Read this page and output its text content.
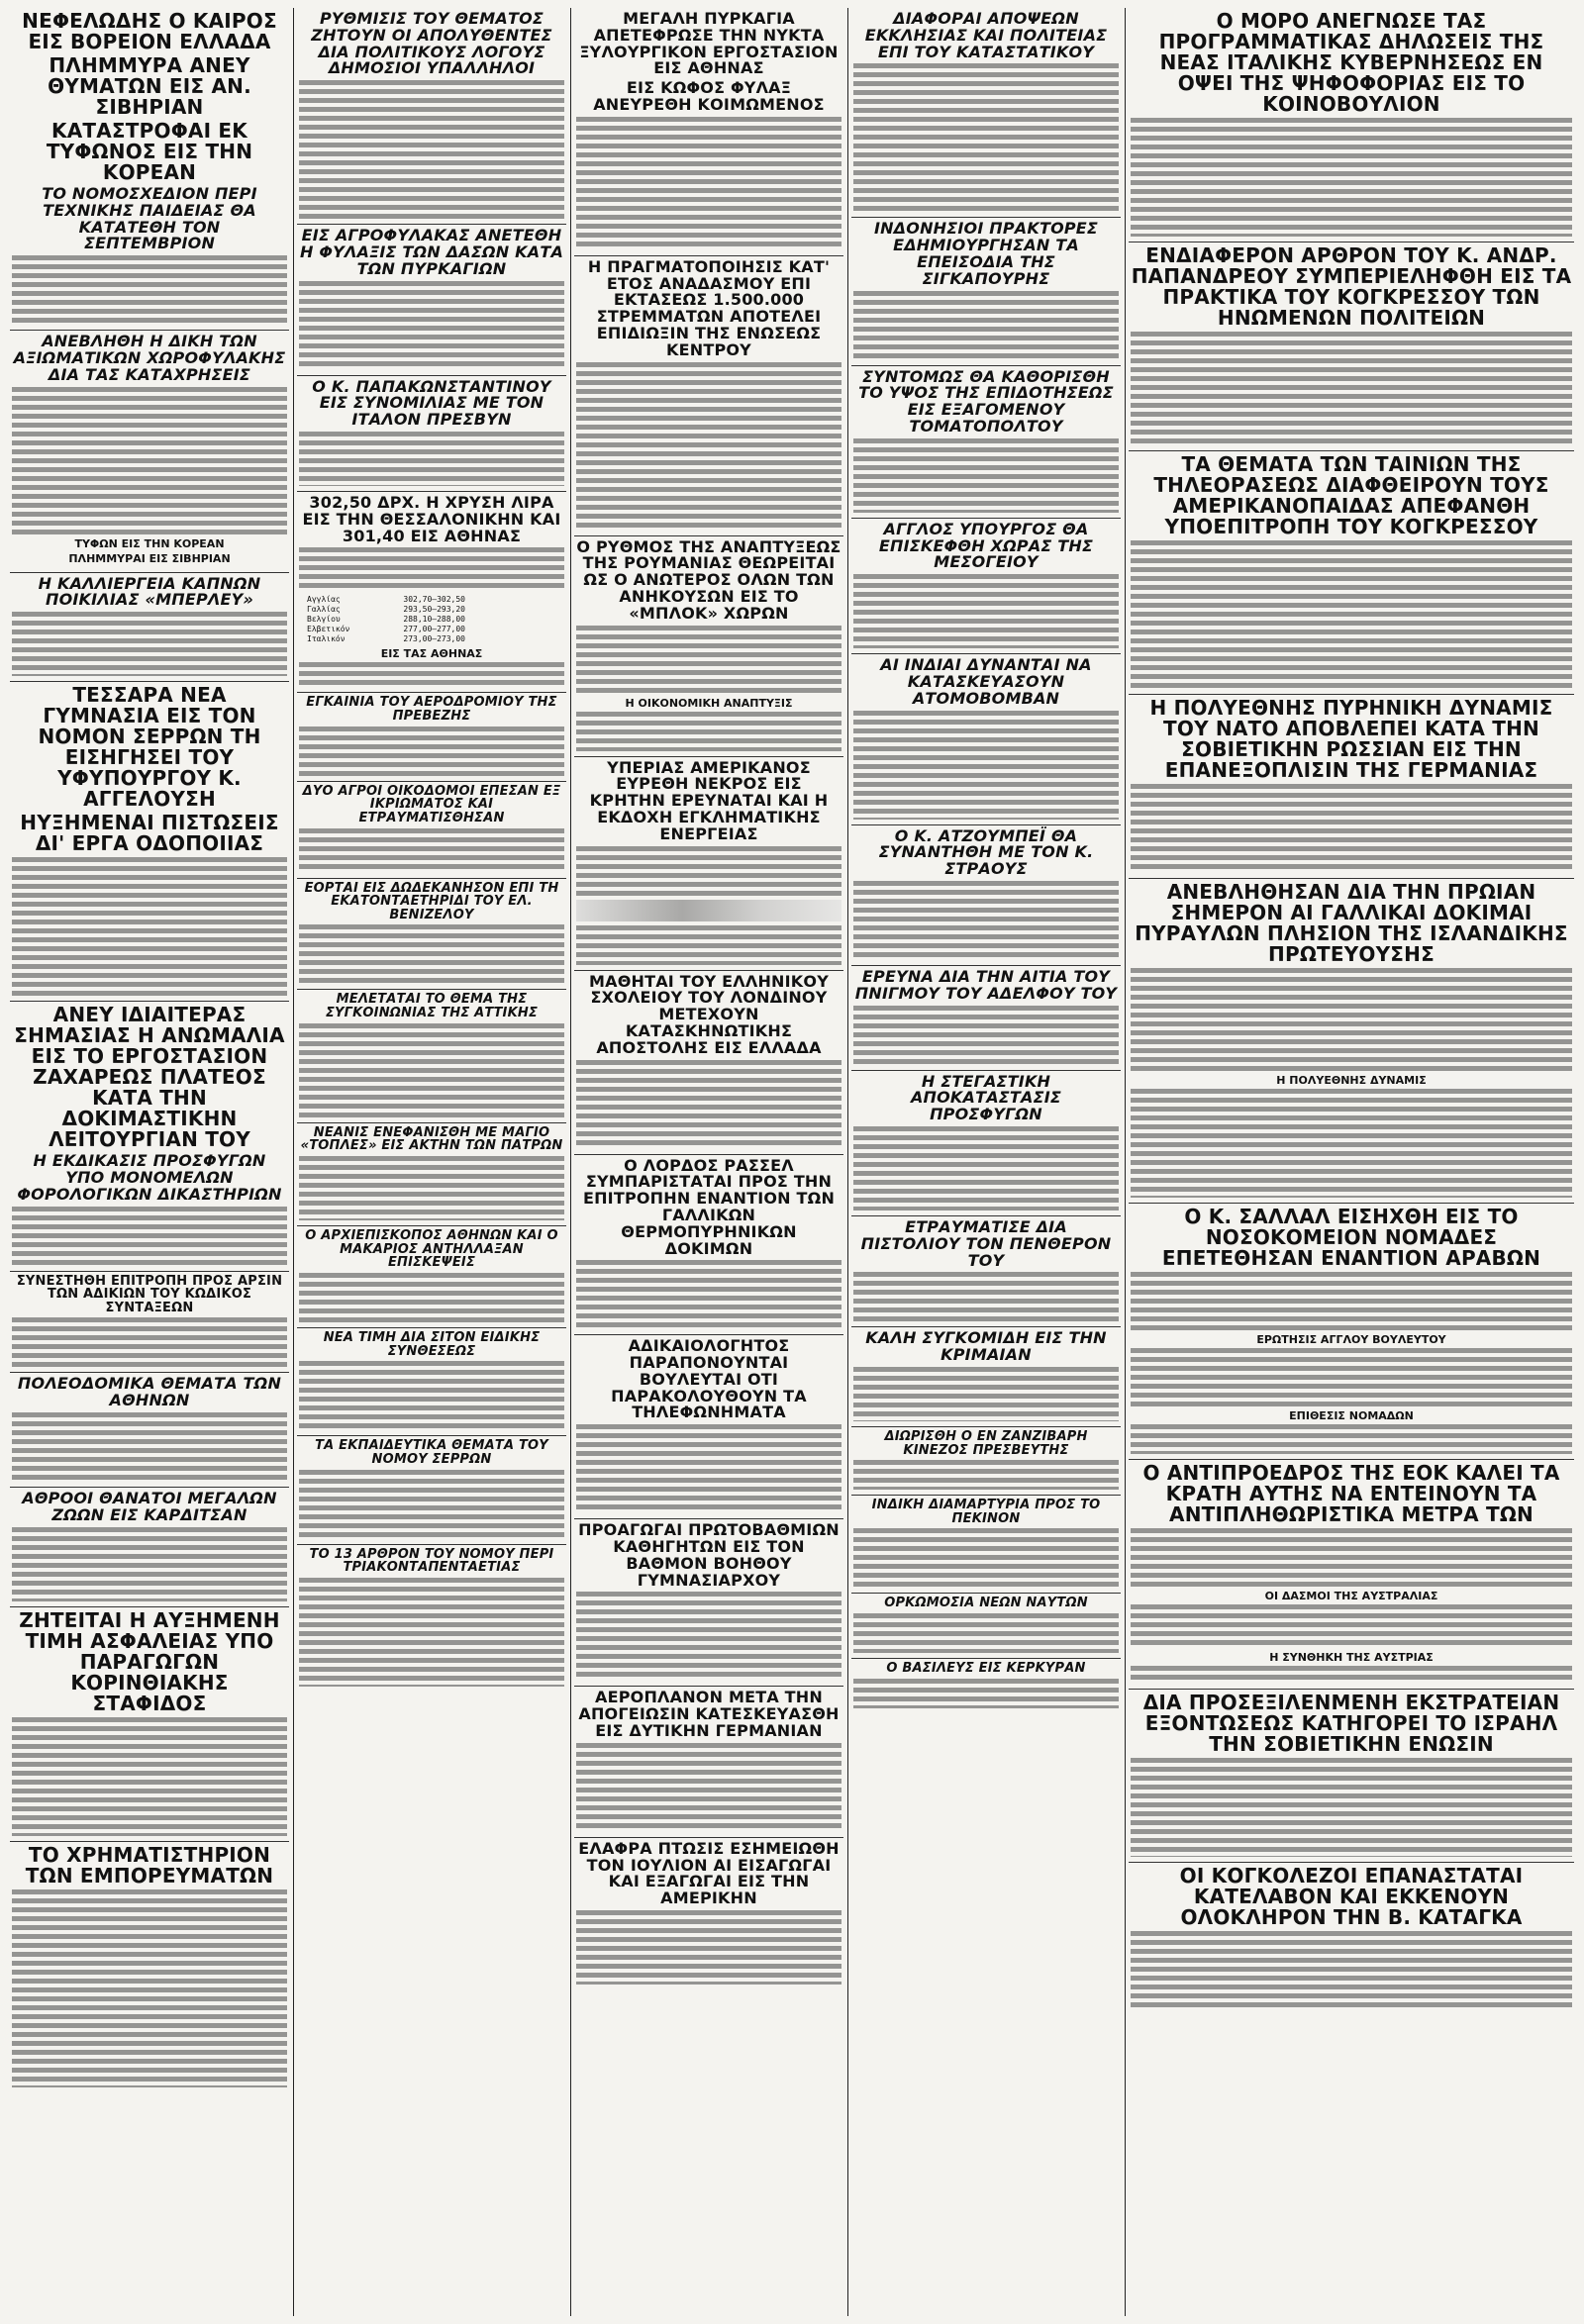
ΝΕΦΕΛΩΔΗΣ Ο ΚΑΙΡΟΣ ΕΙΣ ΒΟΡΕΙΟΝ ΕΛΛΑΔΑ
ΠΛΗΜΜΥΡΑ ΑΝΕΥ ΘΥΜΑΤΩΝ ΕΙΣ ΑΝ. ΣΙΒΗΡΙΑΝ
ΚΑΤΑΣΤΡΟΦΑΙ ΕΚ ΤΥΦΩΝΟΣ ΕΙΣ ΤΗΝ ΚΟΡΕΑΝ
ΤΟ ΝΟΜΟΣΧΕΔΙΟΝ ΠΕΡΙ ΤΕΧΝΙΚΗΣ ΠΑΙΔΕΙΑΣ ΘΑ ΚΑΤΑΤΕΘΗ ΤΟΝ ΣΕΠΤΕΜΒΡΙΟΝ

ΑΝΕΒΛΗΘΗ Η ΔΙΚΗ ΤΩΝ ΑΞΙΩΜΑΤΙΚΩΝ ΧΩΡΟΦΥΛΑΚΗΣ ΔΙΑ ΤΑΣ ΚΑΤΑΧΡΗΣΕΙΣ

ΤΥΦΩΝ ΕΙΣ ΤΗΝ ΚΟΡΕΑΝ
ΠΛΗΜΜΥΡΑΙ ΕΙΣ ΣΙΒΗΡΙΑΝ
Η ΚΑΛΛΙΕΡΓΕΙΑ ΚΑΠΝΩΝ ΠΟΙΚΙΛΙΑΣ «ΜΠΕΡΛΕΥ»

ΤΕΣΣΑΡΑ ΝΕΑ ΓΥΜΝΑΣΙΑ ΕΙΣ ΤΟΝ ΝΟΜΟΝ ΣΕΡΡΩΝ ΤΗ ΕΙΣΗΓΗΣΕΙ ΤΟΥ ΥΦΥΠΟΥΡΓΟΥ Κ. ΑΓΓΕΛΟΥΣΗ
ΗΥΞΗΜΕΝΑΙ ΠΙΣΤΩΣΕΙΣ ΔΙ' ΕΡΓΑ ΟΔΟΠΟΙΙΑΣ

ΑΝΕΥ ΙΔΙΑΙΤΕΡΑΣ ΣΗΜΑΣΙΑΣ Η ΑΝΩΜΑΛΙΑ ΕΙΣ ΤΟ ΕΡΓΟΣΤΑΣΙΟΝ ΖΑΧΑΡΕΩΣ ΠΛΑΤΕΟΣ ΚΑΤΑ ΤΗΝ ΔΟΚΙΜΑΣΤΙΚΗΝ ΛΕΙΤΟΥΡΓΙΑΝ ΤΟΥ
Η ΕΚΔΙΚΑΣΙΣ ΠΡΟΣΦΥΓΩΝ ΥΠΟ ΜΟΝΟΜΕΛΩΝ ΦΟΡΟΛΟΓΙΚΩΝ ΔΙΚΑΣΤΗΡΙΩΝ

ΣΥΝΕΣΤΗΘΗ ΕΠΙΤΡΟΠΗ ΠΡΟΣ ΑΡΣΙΝ ΤΩΝ ΑΔΙΚΙΩΝ ΤΟΥ ΚΩΔΙΚΟΣ ΣΥΝΤΑΞΕΩΝ

ΠΟΛΕΟΔΟΜΙΚΑ ΘΕΜΑΤΑ ΤΩΝ ΑΘΗΝΩΝ

ΑΘΡΟΟΙ ΘΑΝΑΤΟΙ ΜΕΓΑΛΩΝ ΖΩΩΝ ΕΙΣ ΚΑΡΔΙΤΣΑΝ

ΖΗΤΕΙΤΑΙ Η ΑΥΞΗΜΕΝΗ ΤΙΜΗ ΑΣΦΑΛΕΙΑΣ ΥΠΟ ΠΑΡΑΓΩΓΩΝ ΚΟΡΙΝΘΙΑΚΗΣ ΣΤΑΦΙΔΟΣ

ΤΟ ΧΡΗΜΑΤΙΣΤΗΡΙΟΝ ΤΩΝ ΕΜΠΟΡΕΥΜΑΤΩΝ

ΡΥΘΜΙΣΙΣ ΤΟΥ ΘΕΜΑΤΟΣ ΖΗΤΟΥΝ ΟΙ ΑΠΟΛΥΘΕΝΤΕΣ ΔΙΑ ΠΟΛΙΤΙΚΟΥΣ ΛΟΓΟΥΣ ΔΗΜΟΣΙΟΙ ΥΠΑΛΛΗΛΟΙ

ΕΙΣ ΑΓΡΟΦΥΛΑΚΑΣ ΑΝΕΤΕΘΗ Η ΦΥΛΑΞΙΣ ΤΩΝ ΔΑΣΩΝ ΚΑΤΑ ΤΩΝ ΠΥΡΚΑΓΙΩΝ

Ο Κ. ΠΑΠΑΚΩΝΣΤΑΝΤΙΝΟΥ ΕΙΣ ΣΥΝΟΜΙΛΙΑΣ ΜΕ ΤΟΝ ΙΤΑΛΟΝ ΠΡΕΣΒΥΝ

302,50 ΔΡΧ. Η ΧΡΥΣΗ ΛΙΡΑ ΕΙΣ ΤΗΝ ΘΕΣΣΑΛΟΝΙΚΗΝ ΚΑΙ 301,40 ΕΙΣ ΑΘΗΝΑΣ

Αγγλίας	302,70—302,50
Γαλλίας	293,50—293,20
Βελγίου	288,10—288,00
Ελβετικόν	277,00—277,00
Ιταλικόν	273,00—273,00
ΕΙΣ ΤΑΣ ΑΘΗΝΑΣ

ΕΓΚΑΙΝΙΑ ΤΟΥ ΑΕΡΟΔΡΟΜΙΟΥ ΤΗΣ ΠΡΕΒΕΖΗΣ

ΔΥΟ ΑΓΡΟΙ ΟΙΚΟΔΟΜΟΙ ΕΠΕΣΑΝ ΕΞ ΙΚΡΙΩΜΑΤΟΣ ΚΑΙ ΕΤΡΑΥΜΑΤΙΣΘΗΣΑΝ

ΕΟΡΤΑΙ ΕΙΣ ΔΩΔΕΚΑΝΗΣΟΝ ΕΠΙ ΤΗ ΕΚΑΤΟΝΤΑΕΤΗΡΙΔΙ ΤΟΥ ΕΛ. ΒΕΝΙΖΕΛΟΥ

ΜΕΛΕΤΑΤΑΙ ΤΟ ΘΕΜΑ ΤΗΣ ΣΥΓΚΟΙΝΩΝΙΑΣ ΤΗΣ ΑΤΤΙΚΗΣ

ΝΕΑΝΙΣ ΕΝΕΦΑΝΙΣΘΗ ΜΕ ΜΑΓΙΟ «ΤΟΠΛΕΣ» ΕΙΣ ΑΚΤΗΝ ΤΩΝ ΠΑΤΡΩΝ

Ο ΑΡΧΙΕΠΙΣΚΟΠΟΣ ΑΘΗΝΩΝ ΚΑΙ Ο ΜΑΚΑΡΙΟΣ ΑΝΤΗΛΛΑΞΑΝ ΕΠΙΣΚΕΨΕΙΣ

ΝΕΑ ΤΙΜΗ ΔΙΑ ΣΙΤΟΝ ΕΙΔΙΚΗΣ ΣΥΝΘΕΣΕΩΣ

ΤΑ ΕΚΠΑΙΔΕΥΤΙΚΑ ΘΕΜΑΤΑ ΤΟΥ ΝΟΜΟΥ ΣΕΡΡΩΝ

ΤΟ 13 ΑΡΘΡΟΝ ΤΟΥ ΝΟΜΟΥ ΠΕΡΙ ΤΡΙΑΚΟΝΤΑΠΕΝΤΑΕΤΙΑΣ

ΜΕΓΑΛΗ ΠΥΡΚΑΓΙΑ ΑΠΕΤΕΦΡΩΣΕ ΤΗΝ ΝΥΚΤΑ ΞΥΛΟΥΡΓΙΚΟΝ ΕΡΓΟΣΤΑΣΙΟΝ ΕΙΣ ΑΘΗΝΑΣ
ΕΙΣ ΚΩΦΟΣ ΦΥΛΑΞ ΑΝΕΥΡΕΘΗ ΚΟΙΜΩΜΕΝΟΣ

Η ΠΡΑΓΜΑΤΟΠΟΙΗΣΙΣ ΚΑΤ' ΕΤΟΣ ΑΝΑΔΑΣΜΟΥ ΕΠΙ ΕΚΤΑΣΕΩΣ 1.500.000 ΣΤΡΕΜΜΑΤΩΝ ΑΠΟΤΕΛΕΙ ΕΠΙΔΙΩΞΙΝ ΤΗΣ ΕΝΩΣΕΩΣ ΚΕΝΤΡΟΥ

Ο ΡΥΘΜΟΣ ΤΗΣ ΑΝΑΠΤΥΞΕΩΣ ΤΗΣ ΡΟΥΜΑΝΙΑΣ ΘΕΩΡΕΙΤΑΙ ΩΣ Ο ΑΝΩΤΕΡΟΣ ΟΛΩΝ ΤΩΝ ΑΝΗΚΟΥΣΩΝ ΕΙΣ ΤΟ «ΜΠΛΟΚ» ΧΩΡΩΝ

Η ΟΙΚΟΝΟΜΙΚΗ ΑΝΑΠΤΥΞΙΣ

ΥΠΕΡΙΑΣ ΑΜΕΡΙΚΑΝΟΣ ΕΥΡΕΘΗ ΝΕΚΡΟΣ ΕΙΣ ΚΡΗΤΗΝ ΕΡΕΥΝΑΤΑΙ ΚΑΙ Η ΕΚΔΟΧΗ ΕΓΚΛΗΜΑΤΙΚΗΣ ΕΝΕΡΓΕΙΑΣ

ΜΑΘΗΤΑΙ ΤΟΥ ΕΛΛΗΝΙΚΟΥ ΣΧΟΛΕΙΟΥ ΤΟΥ ΛΟΝΔΙΝΟΥ ΜΕΤΕΧΟΥΝ ΚΑΤΑΣΚΗΝΩΤΙΚΗΣ ΑΠΟΣΤΟΛΗΣ ΕΙΣ ΕΛΛΑΔΑ

Ο ΛΟΡΔΟΣ ΡΑΣΣΕΛ ΣΥΜΠΑΡΙΣΤΑΤΑΙ ΠΡΟΣ ΤΗΝ ΕΠΙΤΡΟΠΗΝ ΕΝΑΝΤΙΟΝ ΤΩΝ ΓΑΛΛΙΚΩΝ ΘΕΡΜΟΠΥΡΗΝΙΚΩΝ ΔΟΚΙΜΩΝ

ΑΔΙΚΑΙΟΛΟΓΗΤΟΣ ΠΑΡΑΠΟΝΟΥΝΤΑΙ ΒΟΥΛΕΥΤΑΙ ΟΤΙ ΠΑΡΑΚΟΛΟΥΘΟΥΝ ΤΑ ΤΗΛΕΦΩΝΗΜΑΤΑ

ΠΡΟΑΓΩΓΑΙ ΠΡΩΤΟΒΑΘΜΙΩΝ ΚΑΘΗΓΗΤΩΝ ΕΙΣ ΤΟΝ ΒΑΘΜΟΝ ΒΟΗΘΟΥ ΓΥΜΝΑΣΙΑΡΧΟΥ

ΑΕΡΟΠΛΑΝΟΝ ΜΕΤΑ ΤΗΝ ΑΠΟΓΕΙΩΣΙΝ ΚΑΤΕΣΚΕΥΑΣΘΗ ΕΙΣ ΔΥΤΙΚΗΝ ΓΕΡΜΑΝΙΑΝ

ΕΛΑΦΡΑ ΠΤΩΣΙΣ ΕΣΗΜΕΙΩΘΗ ΤΟΝ ΙΟΥΛΙΟΝ ΑΙ ΕΙΣΑΓΩΓΑΙ ΚΑΙ ΕΞΑΓΩΓΑΙ ΕΙΣ ΤΗΝ ΑΜΕΡΙΚΗΝ

ΔΙΑΦΟΡΑΙ ΑΠΟΨΕΩΝ ΕΚΚΛΗΣΙΑΣ ΚΑΙ ΠΟΛΙΤΕΙΑΣ ΕΠΙ ΤΟΥ ΚΑΤΑΣΤΑΤΙΚΟΥ

ΙΝΔΟΝΗΣΙΟΙ ΠΡΑΚΤΟΡΕΣ ΕΔΗΜΙΟΥΡΓΗΣΑΝ ΤΑ ΕΠΕΙΣΟΔΙΑ ΤΗΣ ΣΙΓΚΑΠΟΥΡΗΣ

ΣΥΝΤΟΜΩΣ ΘΑ ΚΑΘΟΡΙΣΘΗ ΤΟ ΥΨΟΣ ΤΗΣ ΕΠΙΔΟΤΗΣΕΩΣ ΕΙΣ ΕΞΑΓΟΜΕΝΟΥ ΤΟΜΑΤΟΠΟΛΤΟΥ

ΑΓΓΛΟΣ ΥΠΟΥΡΓΟΣ ΘΑ ΕΠΙΣΚΕΦΘΗ ΧΩΡΑΣ ΤΗΣ ΜΕΣΟΓΕΙΟΥ

ΑΙ ΙΝΔΙΑΙ ΔΥΝΑΝΤΑΙ ΝΑ ΚΑΤΑΣΚΕΥΑΣΟΥΝ ΑΤΟΜΟΒΟΜΒΑΝ

Ο Κ. ΑΤΖΟΥΜΠΕΪ ΘΑ ΣΥΝΑΝΤΗΘΗ ΜΕ ΤΟΝ Κ. ΣΤΡΑΟΥΣ

ΕΡΕΥΝΑ ΔΙΑ ΤΗΝ ΑΙΤΙΑ ΤΟΥ ΠΝΙΓΜΟΥ ΤΟΥ ΑΔΕΛΦΟΥ ΤΟΥ

Η ΣΤΕΓΑΣΤΙΚΗ ΑΠΟΚΑΤΑΣΤΑΣΙΣ ΠΡΟΣΦΥΓΩΝ

ΕΤΡΑΥΜΑΤΙΣΕ ΔΙΑ ΠΙΣΤΟΛΙΟΥ ΤΟΝ ΠΕΝΘΕΡΟΝ ΤΟΥ

ΚΑΛΗ ΣΥΓΚΟΜΙΔΗ ΕΙΣ ΤΗΝ ΚΡΙΜΑΙΑΝ

ΔΙΩΡΙΣΘΗ Ο ΕΝ ΖΑΝΖΙΒΑΡΗ ΚΙΝΕΖΟΣ ΠΡΕΣΒΕΥΤΗΣ

ΙΝΔΙΚΗ ΔΙΑΜΑΡΤΥΡΙΑ ΠΡΟΣ ΤΟ ΠΕΚΙΝΟΝ

ΟΡΚΩΜΟΣΙΑ ΝΕΩΝ ΝΑΥΤΩΝ

Ο ΒΑΣΙΛΕΥΣ ΕΙΣ ΚΕΡΚΥΡΑΝ

Ο ΜΟΡΟ ΑΝΕΓΝΩΣΕ ΤΑΣ ΠΡΟΓΡΑΜΜΑΤΙΚΑΣ ΔΗΛΩΣΕΙΣ ΤΗΣ ΝΕΑΣ ΙΤΑΛΙΚΗΣ ΚΥΒΕΡΝΗΣΕΩΣ ΕΝ ΟΨΕΙ ΤΗΣ ΨΗΦΟΦΟΡΙΑΣ ΕΙΣ ΤΟ ΚΟΙΝΟΒΟΥΛΙΟΝ

ΕΝΔΙΑΦΕΡΟΝ ΑΡΘΡΟΝ ΤΟΥ Κ. ΑΝΔΡ. ΠΑΠΑΝΔΡΕΟΥ ΣΥΜΠΕΡΙΕΛΗΦΘΗ ΕΙΣ ΤΑ ΠΡΑΚΤΙΚΑ ΤΟΥ ΚΟΓΚΡΕΣΣΟΥ ΤΩΝ ΗΝΩΜΕΝΩΝ ΠΟΛΙΤΕΙΩΝ

ΤΑ ΘΕΜΑΤΑ ΤΩΝ ΤΑΙΝΙΩΝ ΤΗΣ ΤΗΛΕΟΡΑΣΕΩΣ ΔΙΑΦΘΕΙΡΟΥΝ ΤΟΥΣ ΑΜΕΡΙΚΑΝΟΠΑΙΔΑΣ ΑΠΕΦΑΝΘΗ ΥΠΟΕΠΙΤΡΟΠΗ ΤΟΥ ΚΟΓΚΡΕΣΣΟΥ

Η ΠΟΛΥΕΘΝΗΣ ΠΥΡΗΝΙΚΗ ΔΥΝΑΜΙΣ ΤΟΥ ΝΑΤΟ ΑΠΟΒΛΕΠΕΙ ΚΑΤΑ ΤΗΝ ΣΟΒΙΕΤΙΚΗΝ ΡΩΣΣΙΑΝ ΕΙΣ ΤΗΝ ΕΠΑΝΕΞΟΠΛΙΣΙΝ ΤΗΣ ΓΕΡΜΑΝΙΑΣ

ΑΝΕΒΛΗΘΗΣΑΝ ΔΙΑ ΤΗΝ ΠΡΩΙΑΝ ΣΗΜΕΡΟΝ ΑΙ ΓΑΛΛΙΚΑΙ ΔΟΚΙΜΑΙ ΠΥΡΑΥΛΩΝ ΠΛΗΣΙΟΝ ΤΗΣ ΙΣΛΑΝΔΙΚΗΣ ΠΡΩΤΕΥΟΥΣΗΣ

Η ΠΟΛΥΕΘΝΗΣ ΔΥΝΑΜΙΣ

Ο Κ. ΣΑΛΛΑΛ ΕΙΣΗΧΘΗ ΕΙΣ ΤΟ ΝΟΣΟΚΟΜΕΙΟΝ ΝΟΜΑΔΕΣ ΕΠΕΤΕΘΗΣΑΝ ΕΝΑΝΤΙΟΝ ΑΡΑΒΩΝ

ΕΡΩΤΗΣΙΣ ΑΓΓΛΟΥ ΒΟΥΛΕΥΤΟΥ

ΕΠΙΘΕΣΙΣ ΝΟΜΑΔΩΝ

Ο ΑΝΤΙΠΡΟΕΔΡΟΣ ΤΗΣ ΕΟΚ ΚΑΛΕΙ ΤΑ ΚΡΑΤΗ ΑΥΤΗΣ ΝΑ ΕΝΤΕΙΝΟΥΝ ΤΑ ΑΝΤΙΠΛΗΘΩΡΙΣΤΙΚΑ ΜΕΤΡΑ ΤΩΝ

ΟΙ ΔΑΣΜΟΙ ΤΗΣ ΑΥΣΤΡΑΛΙΑΣ

Η ΣΥΝΘΗΚΗ ΤΗΣ ΑΥΣΤΡΙΑΣ

ΔΙΑ ΠΡΟΣΕΞΙΛΕΝΜΕΝΗ ΕΚΣΤΡΑΤΕΙΑΝ ΕΞΟΝΤΩΣΕΩΣ ΚΑΤΗΓΟΡΕΙ ΤΟ ΙΣΡΑΗΛ ΤΗΝ ΣΟΒΙΕΤΙΚΗΝ ΕΝΩΣΙΝ

ΟΙ ΚΟΓΚΟΛΕΖΟΙ ΕΠΑΝΑΣΤΑΤΑΙ ΚΑΤΕΛΑΒΟΝ ΚΑΙ ΕΚΚΕΝΟΥΝ ΟΛΟΚΛΗΡΟΝ ΤΗΝ Β. ΚΑΤΑΓΚΑ
